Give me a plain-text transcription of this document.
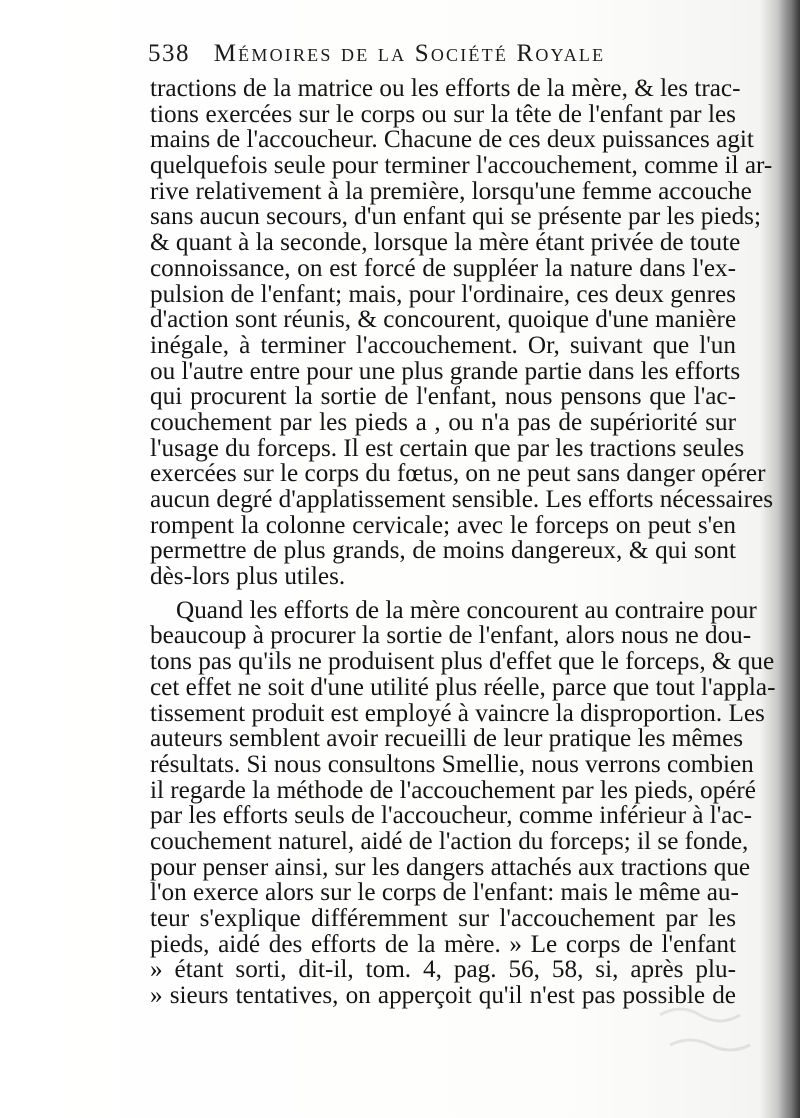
538 Mémoires de la Société Royale
tractions de la matrice ou les efforts de la mère, & les trac-
tions exercées sur le corps ou sur la tête de l'enfant par les
mains de l'accoucheur. Chacune de ces deux puissances agit
quelquefois seule pour terminer l'accouchement, comme il ar-
rive relativement à la première, lorsqu'une femme accouche
sans aucun secours, d'un enfant qui se présente par les pieds;
& quant à la seconde, lorsque la mère étant privée de toute
connoissance, on est forcé de suppléer la nature dans l'ex-
pulsion de l'enfant; mais, pour l'ordinaire, ces deux genres
d'action sont réunis, & concourent, quoique d'une manière
inégale, à terminer l'accouchement. Or, suivant que l'un
ou l'autre entre pour une plus grande partie dans les efforts
qui procurent la sortie de l'enfant, nous pensons que l'ac-
couchement par les pieds a , ou n'a pas de supériorité sur
l'usage du forceps. Il est certain que par les tractions seules
exercées sur le corps du fœtus, on ne peut sans danger opérer
aucun degré d'applatissement sensible. Les efforts nécessaires
rompent la colonne cervicale; avec le forceps on peut s'en
permettre de plus grands, de moins dangereux, & qui sont
dès-lors plus utiles.
Quand les efforts de la mère concourent au contraire pour
beaucoup à procurer la sortie de l'enfant, alors nous ne dou-
tons pas qu'ils ne produisent plus d'effet que le forceps, & que
cet effet ne soit d'une utilité plus réelle, parce que tout l'appla-
tissement produit est employé à vaincre la disproportion. Les
auteurs semblent avoir recueilli de leur pratique les mêmes
résultats. Si nous consultons Smellie, nous verrons combien
il regarde la méthode de l'accouchement par les pieds, opéré
par les efforts seuls de l'accoucheur, comme inférieur à l'ac-
couchement naturel, aidé de l'action du forceps; il se fonde,
pour penser ainsi, sur les dangers attachés aux tractions que
l'on exerce alors sur le corps de l'enfant: mais le même au-
teur s'explique différemment sur l'accouchement par les
pieds, aidé des efforts de la mère. » Le corps de l'enfant
» étant sorti, dit-il, tom. 4, pag. 56, 58, si, après plu-
» sieurs tentatives, on apperçoit qu'il n'est pas possible de
